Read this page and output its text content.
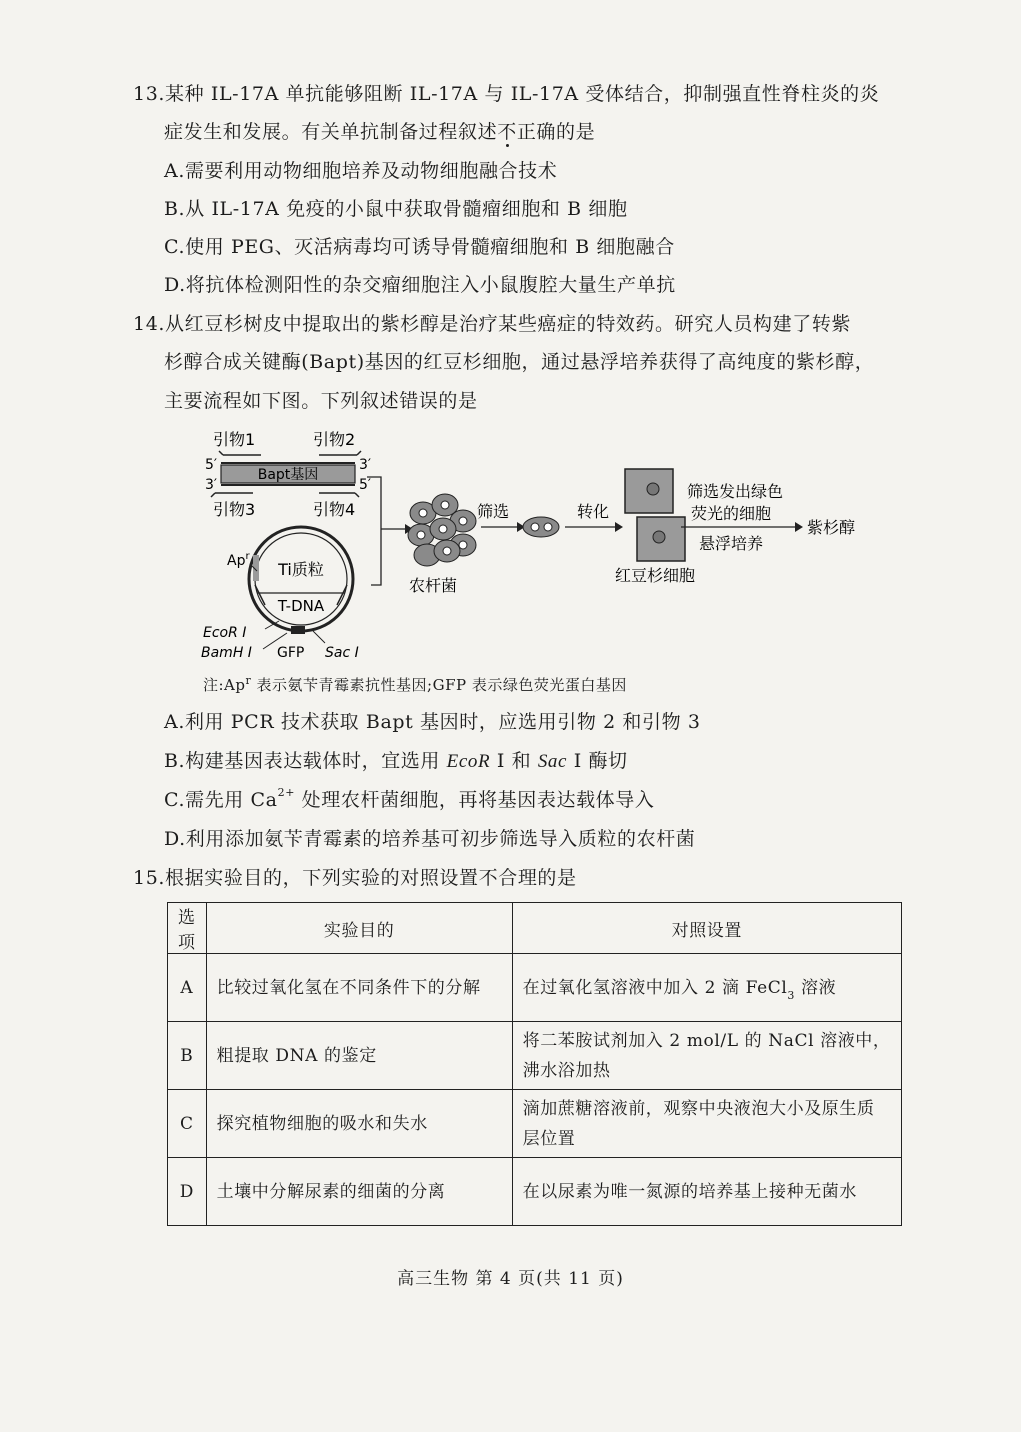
13.某种 IL-17A 单抗能够阻断 IL-17A 与 IL-17A 受体结合，抑制强直性脊柱炎的炎
症发生和发展。有关单抗制备过程叙述不正确的是
A.需要利用动物细胞培养及动物细胞融合技术
B.从 IL-17A 免疫的小鼠中获取骨髓瘤细胞和 B 细胞
C.使用 PEG、灭活病毒均可诱导骨髓瘤细胞和 B 细胞融合
D.将抗体检测阳性的杂交瘤细胞注入小鼠腹腔大量生产单抗
14.从红豆杉树皮中提取出的紫杉醇是治疗某些癌症的特效药。研究人员构建了转紫
杉醇合成关键酶(Bapt)基因的红豆杉细胞，通过悬浮培养获得了高纯度的紫杉醇，
主要流程如下图。下列叙述错误的是
引物1	引物2
5′	3′
3′	5′
Bapt基因
引物3	引物4
Ti质粒
T-DNA
Ap$^r$
EcoR Ⅰ
BamH Ⅰ GFP Sac Ⅰ
农杆菌
筛选	转化
红豆杉细胞
筛选发出绿色
荧光的细胞
悬浮培养
紫杉醇
注:Ap$^r$ 表示氨苄青霉素抗性基因;GFP 表示绿色荧光蛋白基因
A.利用 PCR 技术获取 Bapt 基因时，应选用引物 2 和引物 3
B.构建基因表达载体时，宜选用 EcoR Ⅰ 和 Sac Ⅰ 酶切
C.需先用 $Ca^{2+}$ 处理农杆菌细胞，再将基因表达载体导入
D.利用添加氨苄青霉素的培养基可初步筛选导入质粒的农杆菌
15.根据实验目的，下列实验的对照设置不合理的是
选项	实验目的	对照设置
A	比较过氧化氢在不同条件下的分解	在过氧化氢溶液中加入 2 滴 FeCl3 溶液
B	粗提取 DNA 的鉴定	将二苯胺试剂加入 2 mol/L 的 NaCl 溶液中，沸水浴加热
C	探究植物细胞的吸水和失水	滴加蔗糖溶液前，观察中央液泡大小及原生质层位置
D	土壤中分解尿素的细菌的分离	在以尿素为唯一氮源的培养基上接种无菌水
高三生物 第 4 页(共 11 页)
